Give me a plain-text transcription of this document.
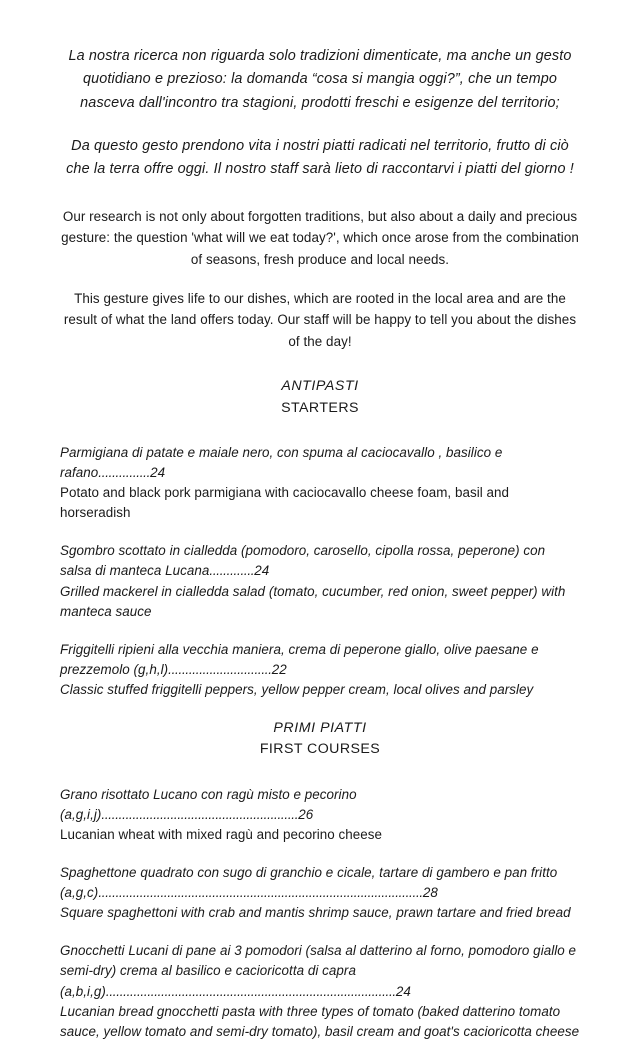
La nostra ricerca non riguarda solo tradizioni dimenticate, ma anche un gesto quotidiano e prezioso: la domanda “cosa si mangia oggi?”, che un tempo nasceva dall'incontro tra stagioni, prodotti freschi e esigenze del territorio;

Da questo gesto prendono vita i nostri piatti radicati nel territorio, frutto di ciò che la terra offre oggi. Il nostro staff sarà lieto di raccontarvi i piatti del giorno !

Our research is not only about forgotten traditions, but also about a daily and precious gesture: the question 'what will we eat today?', which once arose from the combination of seasons, fresh produce and local needs.

This gesture gives life to our dishes, which are rooted in the local area and are the result of what the land offers today. Our staff will be happy to tell you about the dishes of the day!

ANTIPASTI
STARTERS

Parmigiana di patate e maiale nero, con spuma al caciocavallo , basilico e rafano...............24

Potato and black pork parmigiana with caciocavallo cheese foam, basil and horseradish

Sgombro scottato in cialledda (pomodoro, carosello, cipolla rossa, peperone) con salsa di manteca Lucana.............24

Grilled mackerel in cialledda salad (tomato, cucumber, red onion, sweet pepper) with manteca sauce

Friggitelli ripieni alla vecchia maniera, crema di peperone giallo, olive paesane e prezzemolo (g,h,l)..............................22

Classic stuffed friggitelli peppers, yellow pepper cream, local olives and parsley

PRIMI PIATTI
FIRST COURSES

Grano risottato Lucano con ragù misto e pecorino (a,g,i,j).........................................................26

Lucanian wheat with mixed ragù and pecorino cheese

Spaghettone quadrato con sugo di granchio e cicale, tartare di gambero e pan fritto (a,g,c)..............................................................................................28

Square spaghettoni with crab and mantis shrimp sauce, prawn tartare and fried bread

Gnocchetti Lucani di pane ai 3 pomodori (salsa al datterino al forno, pomodoro giallo e semi-dry) crema al basilico e cacioricotta di capra (a,b,i,g)....................................................................................24

Lucanian bread gnocchetti pasta with three types of tomato (baked datterino tomato sauce, yellow tomato and semi-dry tomato), basil cream and goat's cacioricotta cheese
